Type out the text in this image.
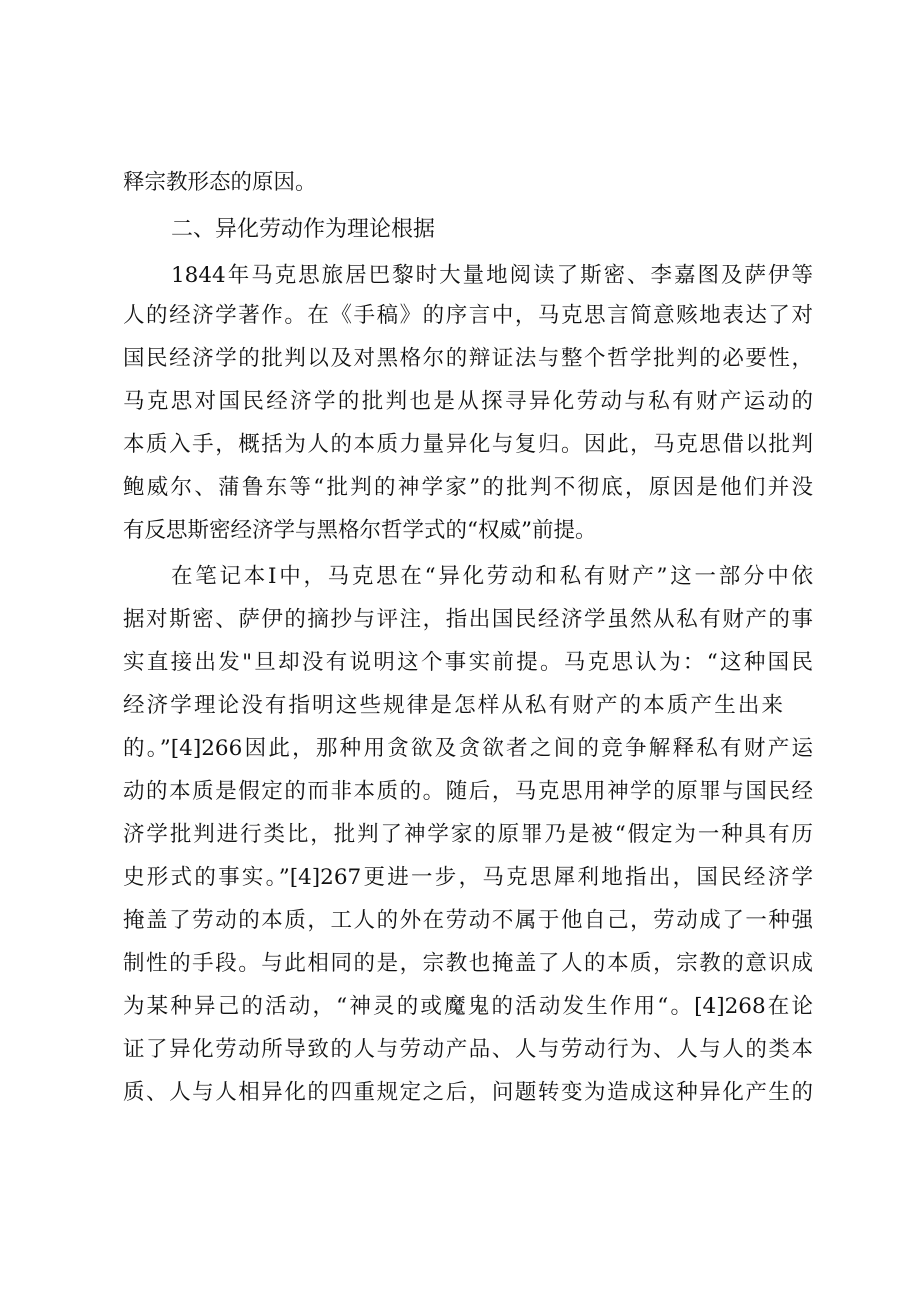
释宗教形态的原因。
二、异化劳动作为理论根据
1844年马克思旅居巴黎时大量地阅读了斯密、李嘉图及萨伊等
人的经济学著作。在《手稿》的序言中，马克思言简意赅地表达了对
国民经济学的批判以及对黑格尔的辩证法与整个哲学批判的必要性，
马克思对国民经济学的批判也是从探寻异化劳动与私有财产运动的
本质入手，概括为人的本质力量异化与复归。因此，马克思借以批判
鲍威尔、蒲鲁东等“批判的神学家”的批判不彻底，原因是他们并没
有反思斯密经济学与黑格尔哲学式的“权威”前提。
在笔记本I中，马克思在“异化劳动和私有财产”这一部分中依
据对斯密、萨伊的摘抄与评注，指出国民经济学虽然从私有财产的事
实直接出发"旦却没有说明这个事实前提。马克思认为：“这种国民
经济学理论没有指明这些规律是怎样从私有财产的本质产生出来
的。”[4]266因此，那种用贪欲及贪欲者之间的竞争解释私有财产运
动的本质是假定的而非本质的。随后，马克思用神学的原罪与国民经
济学批判进行类比，批判了神学家的原罪乃是被“假定为一种具有历
史形式的事实。”[4]267更进一步，马克思犀利地指出，国民经济学
掩盖了劳动的本质，工人的外在劳动不属于他自己，劳动成了一种强
制性的手段。与此相同的是，宗教也掩盖了人的本质，宗教的意识成
为某种异己的活动，“神灵的或魔鬼的活动发生作用“。[4]268在论
证了异化劳动所导致的人与劳动产品、人与劳动行为、人与人的类本
质、人与人相异化的四重规定之后，问题转变为造成这种异化产生的
